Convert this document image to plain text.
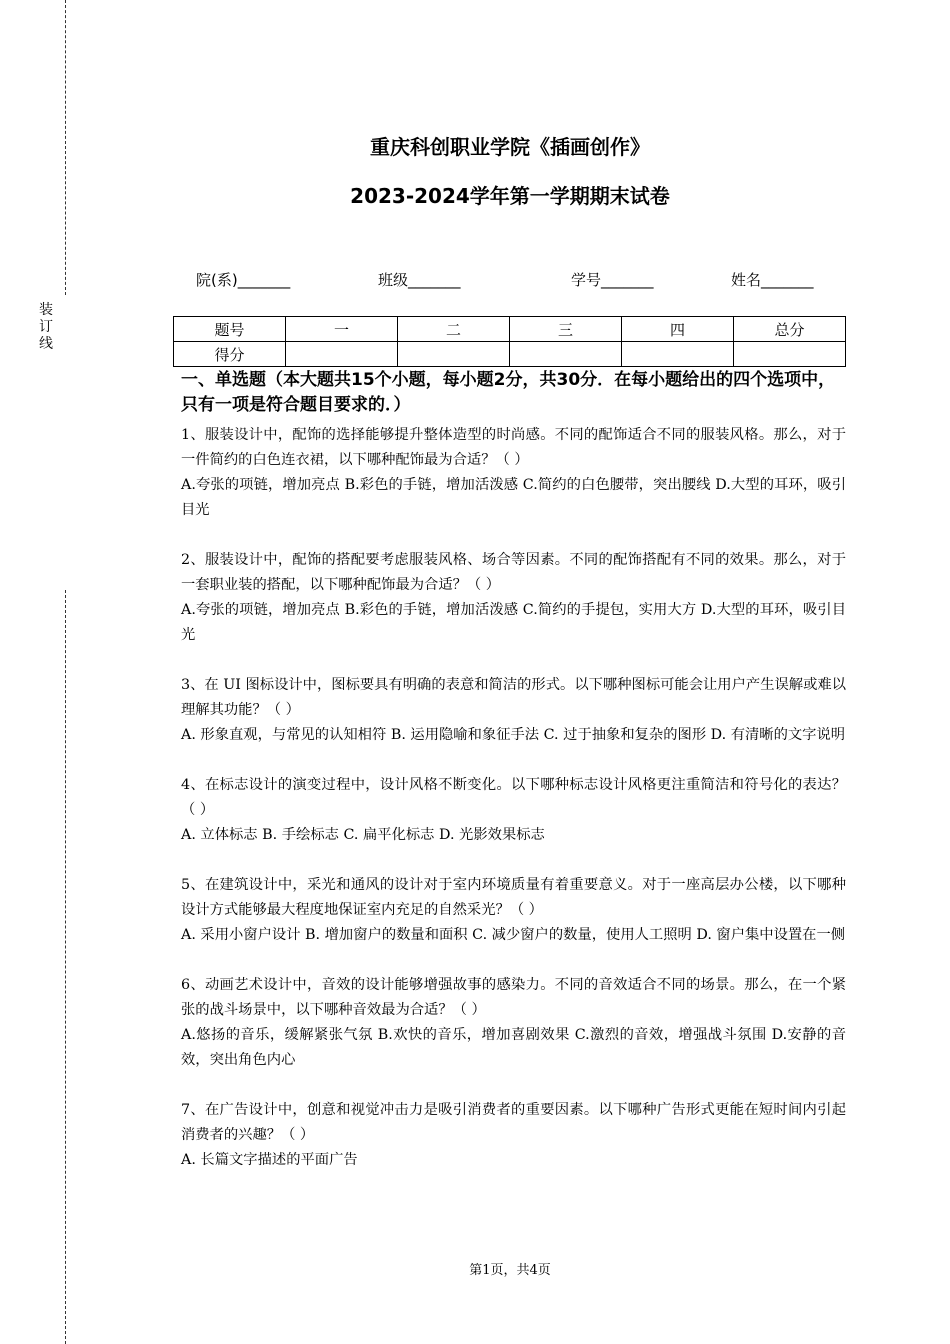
装订线
重庆科创职业学院《插画创作》
2023-2024学年第一学期期末试卷
院(系)_______	班级_______	学号_______	姓名_______
题号	一	二	三	四	总分
得分					

一、单选题（本大题共15个小题，每小题2分，共30分．在每小题给出的四个选项中，只有一项是符合题目要求的．）

1、服装设计中，配饰的选择能够提升整体造型的时尚感。不同的配饰适合不同的服装风格。那么，对于一件简约的白色连衣裙，以下哪种配饰最为合适？（ ）

A.夸张的项链，增加亮点 B.彩色的手链，增加活泼感 C.简约的白色腰带，突出腰线 D.大型的耳环，吸引目光

2、服装设计中，配饰的搭配要考虑服装风格、场合等因素。不同的配饰搭配有不同的效果。那么，对于一套职业装的搭配，以下哪种配饰最为合适？（ ）

A.夸张的项链，增加亮点 B.彩色的手链，增加活泼感 C.简约的手提包，实用大方 D.大型的耳环，吸引目光

3、在 UI 图标设计中，图标要具有明确的表意和简洁的形式。以下哪种图标可能会让用户产生误解或难以理解其功能？（ ）

A. 形象直观，与常见的认知相符 B. 运用隐喻和象征手法 C. 过于抽象和复杂的图形 D. 有清晰的文字说明

4、在标志设计的演变过程中，设计风格不断变化。以下哪种标志设计风格更注重简洁和符号化的表达？（ ）

A. 立体标志 B. 手绘标志 C. 扁平化标志 D. 光影效果标志

5、在建筑设计中，采光和通风的设计对于室内环境质量有着重要意义。对于一座高层办公楼，以下哪种设计方式能够最大程度地保证室内充足的自然采光？（ ）

A. 采用小窗户设计 B. 增加窗户的数量和面积 C. 减少窗户的数量，使用人工照明 D. 窗户集中设置在一侧

6、动画艺术设计中，音效的设计能够增强故事的感染力。不同的音效适合不同的场景。那么，在一个紧张的战斗场景中，以下哪种音效最为合适？（ ）

A.悠扬的音乐，缓解紧张气氛 B.欢快的音乐，增加喜剧效果 C.激烈的音效，增强战斗氛围 D.安静的音效，突出角色内心

7、在广告设计中，创意和视觉冲击力是吸引消费者的重要因素。以下哪种广告形式更能在短时间内引起消费者的兴趣？（ ）

A. 长篇文字描述的平面广告

第1页，共4页
